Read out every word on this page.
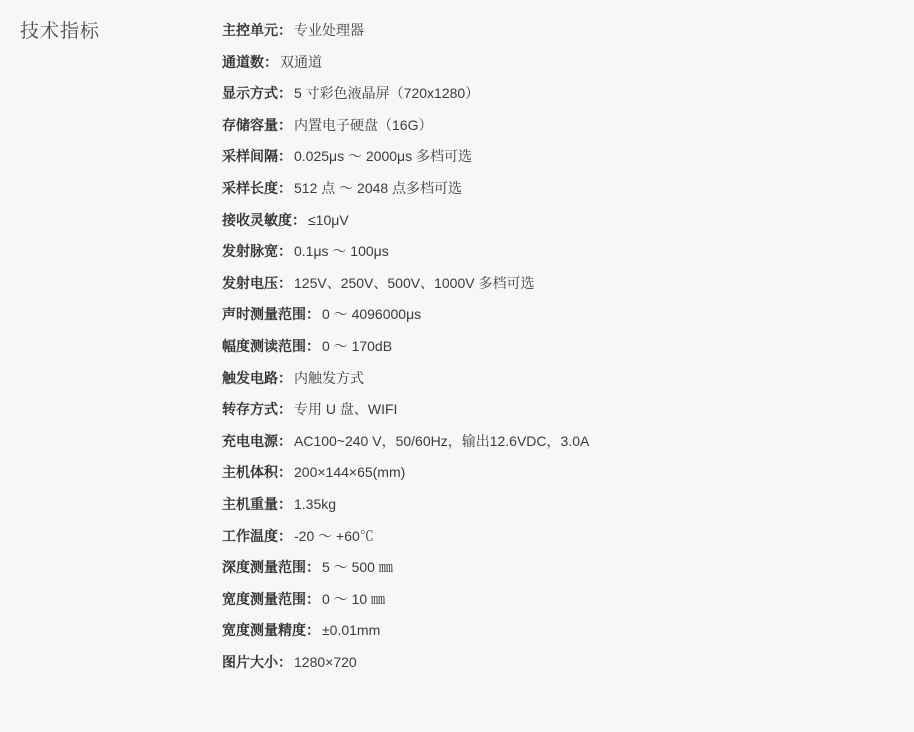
技术指标	主控单元 ： 专业处理器
通道数 ： 双通道
显示方式 ： 5 寸彩色液晶屏（720x1280）
存储容量 ： 内置电子硬盘（16G）
采样间隔 ： 0.025μs ～ 2000μs 多档可选
采样长度 ： 512 点 ～ 2048 点多档可选
接收灵敏度 ： ≤10μV
发射脉宽 ： 0.1μs ～ 100μs
发射电压 ： 125V、250V、500V、1000V 多档可选
声时测量范围 ： 0 ～ 4096000μs
幅度测读范围 ： 0 ～ 170dB
触发电路 ： 内触发方式
转存方式 ： 专用 U 盘、WIFI
充电电源 ： AC100~240 V，50/60Hz，输出12.6VDC，3.0A
主机体积 ： 200×144×65(mm)
主机重量 ： 1.35kg
工作温度 ： -20 ～ +60℃
深度测量范围 ： 5 ～ 500 ㎜
宽度测量范围 ： 0 ～ 10 ㎜
宽度测量精度 ： ±0.01mm
图片大小 ： 1280×720
